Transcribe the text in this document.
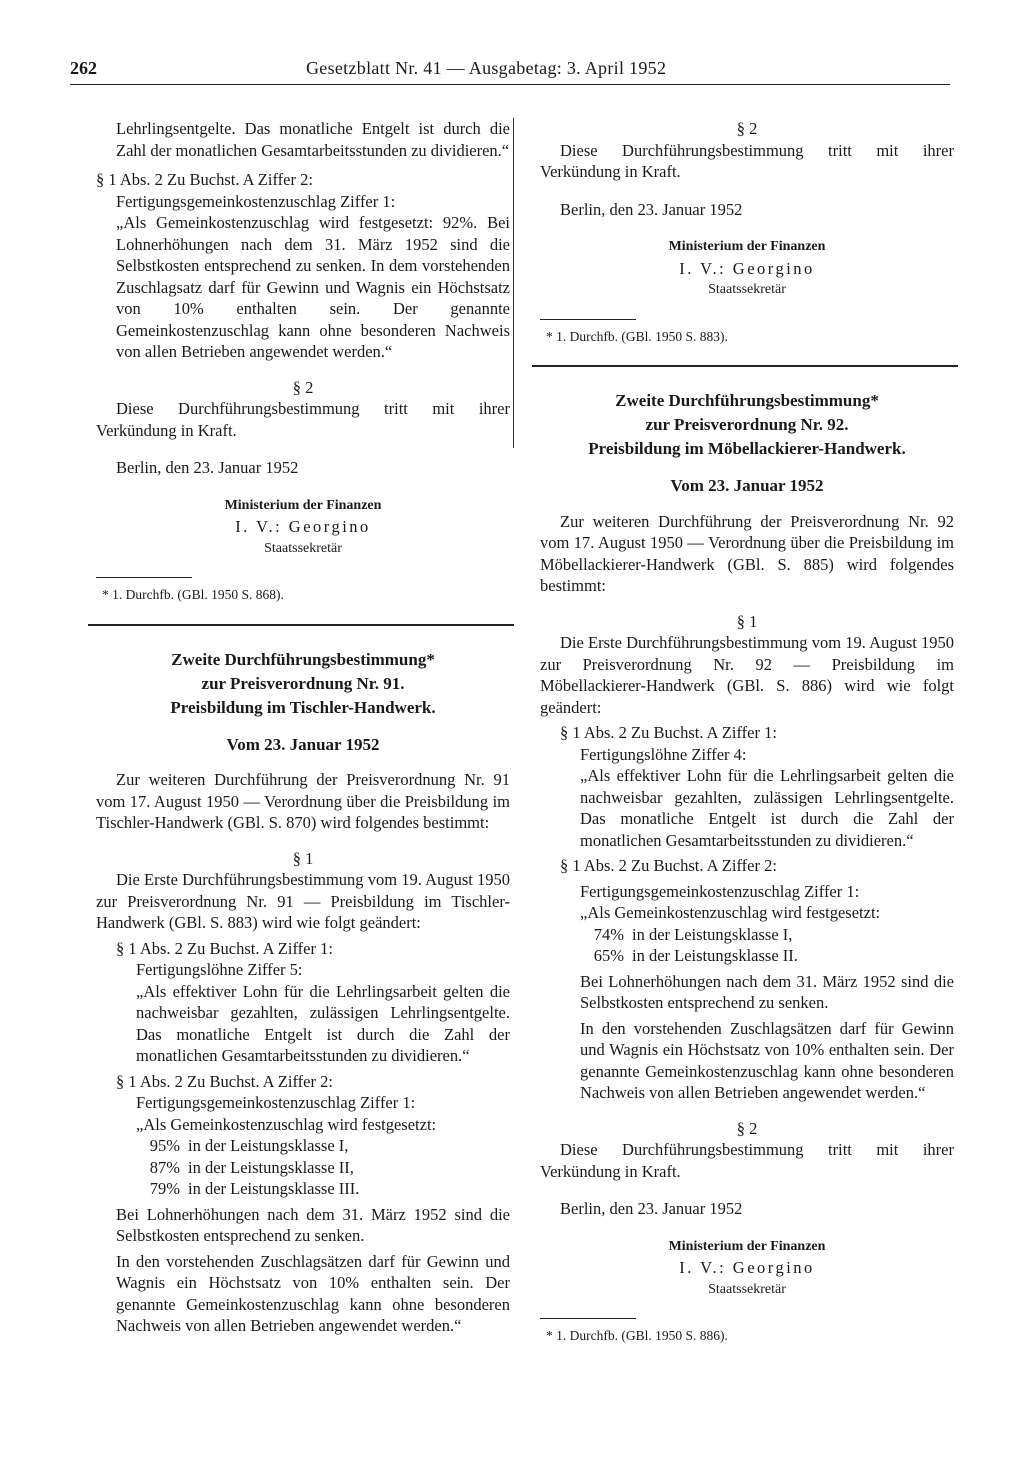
262	Gesetzblatt Nr. 41 — Ausgabetag: 3. April 1952

Lehrlingsentgelte. Das monatliche Entgelt ist durch die Zahl der monatlichen Gesamtarbeitsstunden zu dividieren.“

§ 1 Abs. 2 Zu Buchst. A Ziffer 2:

Fertigungsgemeinkostenzuschlag Ziffer 1:

„Als Gemeinkostenzuschlag wird festgesetzt: 92%. Bei Lohnerhöhungen nach dem 31. März 1952 sind die Selbstkosten entsprechend zu senken. In dem vorstehenden Zuschlagsatz darf für Gewinn und Wagnis ein Höchstsatz von 10% enthalten sein. Der genannte Gemeinkostenzuschlag kann ohne besonderen Nachweis von allen Betrieben angewendet werden.“

§ 2

Diese Durchführungsbestimmung tritt mit ihrer Verkündung in Kraft.

Berlin, den 23. Januar 1952

Ministerium der Finanzen

I. V.: Georgino

Staatssekretär

* 1. Durchfb. (GBl. 1950 S. 868).

Zweite Durchführungsbestimmung*

zur Preisverordnung Nr. 91.

Preisbildung im Tischler-Handwerk.

Vom 23. Januar 1952

Zur weiteren Durchführung der Preisverordnung Nr. 91 vom 17. August 1950 — Verordnung über die Preisbildung im Tischler-Handwerk (GBl. S. 870) wird folgendes bestimmt:

§ 1

Die Erste Durchführungsbestimmung vom 19. August 1950 zur Preisverordnung Nr. 91 — Preisbildung im Tischler-Handwerk (GBl. S. 883) wird wie folgt geändert:

§ 1 Abs. 2 Zu Buchst. A Ziffer 1:

Fertigungslöhne Ziffer 5:

„Als effektiver Lohn für die Lehrlingsarbeit gelten die nachweisbar gezahlten, zulässigen Lehrlingsentgelte. Das monatliche Entgelt ist durch die Zahl der monatlichen Gesamtarbeitsstunden zu dividieren.“

§ 1 Abs. 2 Zu Buchst. A Ziffer 2:

Fertigungsgemeinkostenzuschlag Ziffer 1:

„Als Gemeinkostenzuschlag wird festgesetzt:

95% in der Leistungsklasse I,
87% in der Leistungsklasse II,
79% in der Leistungsklasse III.

Bei Lohnerhöhungen nach dem 31. März 1952 sind die Selbstkosten entsprechend zu senken.

In den vorstehenden Zuschlagsätzen darf für Gewinn und Wagnis ein Höchstsatz von 10% enthalten sein. Der genannte Gemeinkostenzuschlag kann ohne besonderen Nachweis von allen Betrieben angewendet werden.“

§ 2

Diese Durchführungsbestimmung tritt mit ihrer Verkündung in Kraft.

Berlin, den 23. Januar 1952

Ministerium der Finanzen

I. V.: Georgino

Staatssekretär

* 1. Durchfb. (GBl. 1950 S. 883).

Zweite Durchführungsbestimmung*

zur Preisverordnung Nr. 92.

Preisbildung im Möbellackierer-Handwerk.

Vom 23. Januar 1952

Zur weiteren Durchführung der Preisverordnung Nr. 92 vom 17. August 1950 — Verordnung über die Preisbildung im Möbellackierer-Handwerk (GBl. S. 885) wird folgendes bestimmt:

§ 1

Die Erste Durchführungsbestimmung vom 19. August 1950 zur Preisverordnung Nr. 92 — Preisbildung im Möbellackierer-Handwerk (GBl. S. 886) wird wie folgt geändert:

§ 1 Abs. 2 Zu Buchst. A Ziffer 1:

Fertigungslöhne Ziffer 4:

„Als effektiver Lohn für die Lehrlingsarbeit gelten die nachweisbar gezahlten, zulässigen Lehrlingsentgelte. Das monatliche Entgelt ist durch die Zahl der monatlichen Gesamtarbeitsstunden zu dividieren.“

§ 1 Abs. 2 Zu Buchst. A Ziffer 2:

Fertigungsgemeinkostenzuschlag Ziffer 1:

„Als Gemeinkostenzuschlag wird festgesetzt:

74% in der Leistungsklasse I,
65% in der Leistungsklasse II.

Bei Lohnerhöhungen nach dem 31. März 1952 sind die Selbstkosten entsprechend zu senken.

In den vorstehenden Zuschlagsätzen darf für Gewinn und Wagnis ein Höchstsatz von 10% enthalten sein. Der genannte Gemeinkostenzuschlag kann ohne besonderen Nachweis von allen Betrieben angewendet werden.“

§ 2

Diese Durchführungsbestimmung tritt mit ihrer Verkündung in Kraft.

Berlin, den 23. Januar 1952

Ministerium der Finanzen

I. V.: Georgino

Staatssekretär

* 1. Durchfb. (GBl. 1950 S. 886).
